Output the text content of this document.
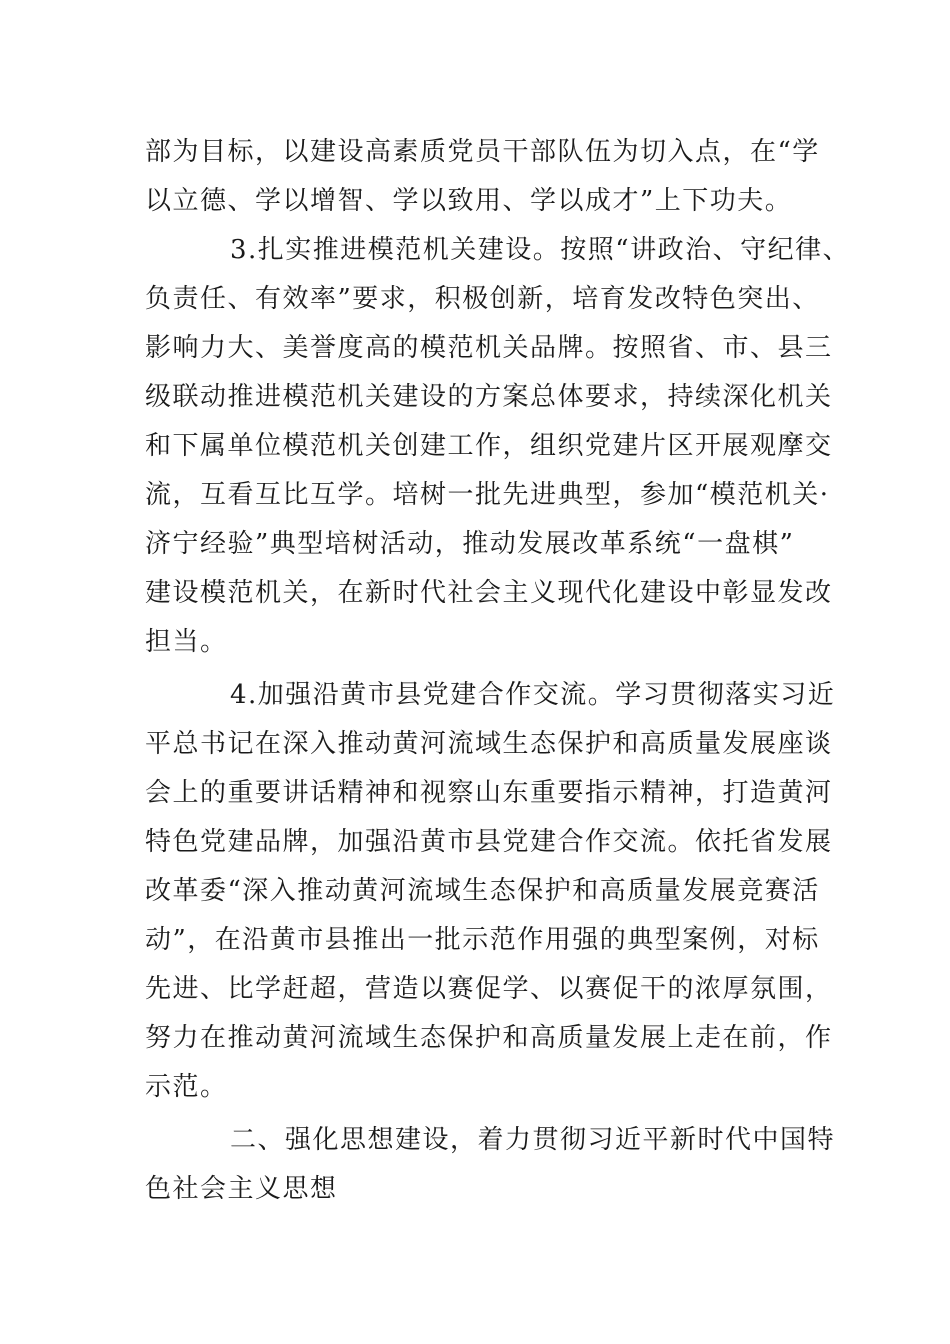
部为目标，以建设高素质党员干部队伍为切入点，在“学
以立德、学以增智、学以致用、学以成才”上下功夫。
3.扎实推进模范机关建设。按照“讲政治、守纪律、
负责任、有效率”要求，积极创新，培育发改特色突出、
影响力大、美誉度高的模范机关品牌。按照省、市、县三
级联动推进模范机关建设的方案总体要求，持续深化机关
和下属单位模范机关创建工作，组织党建片区开展观摩交
流，互看互比互学。培树一批先进典型，参加“模范机关·
济宁经验”典型培树活动，推动发展改革系统“一盘棋”
建设模范机关，在新时代社会主义现代化建设中彰显发改
担当。
4.加强沿黄市县党建合作交流。学习贯彻落实习近
平总书记在深入推动黄河流域生态保护和高质量发展座谈
会上的重要讲话精神和视察山东重要指示精神，打造黄河
特色党建品牌，加强沿黄市县党建合作交流。依托省发展
改革委“深入推动黄河流域生态保护和高质量发展竞赛活
动”，在沿黄市县推出一批示范作用强的典型案例，对标
先进、比学赶超，营造以赛促学、以赛促干的浓厚氛围，
努力在推动黄河流域生态保护和高质量发展上走在前，作
示范。
二、强化思想建设，着力贯彻习近平新时代中国特
色社会主义思想
